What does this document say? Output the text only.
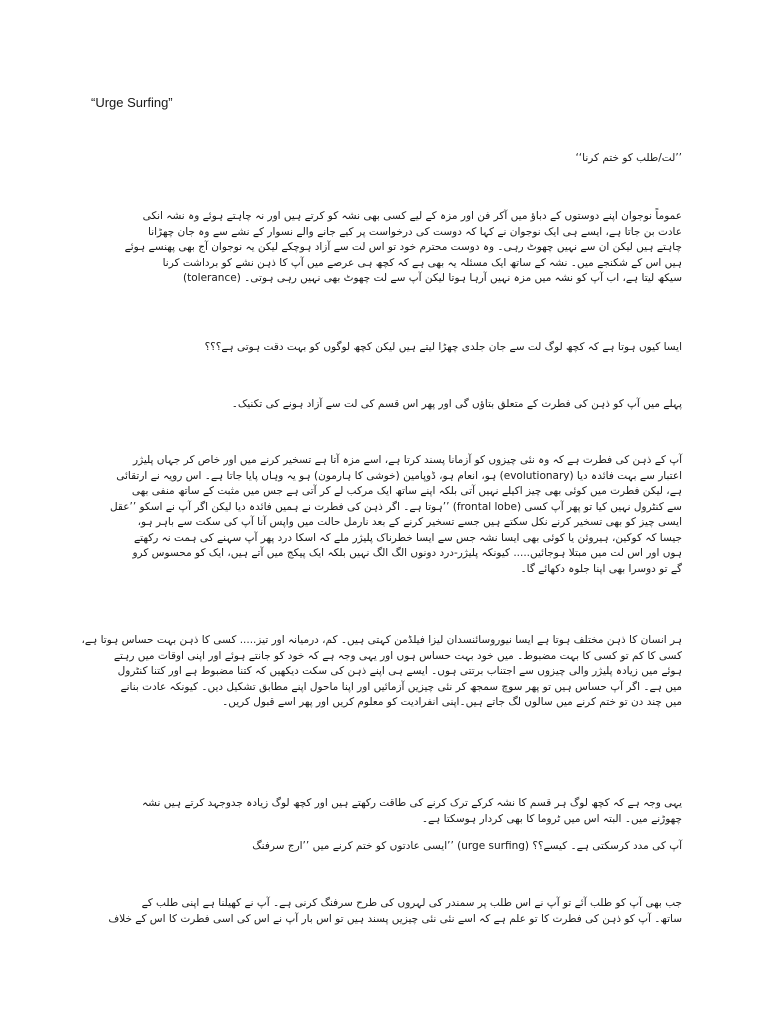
“Urge Surfing”

’’لت/طلب کو ختم کرنا‘‘

عموماً نوجوان اپنے دوستوں کے دباؤ میں آکر فن اور مزہ کے لیے کسی بھی نشہ کو کرتے ہیں اور نہ چاہتے ہوئے وہ نشہ انکی

عادت بن جاتا ہے، ایسے ہی ایک نوجوان نے کہا کہ دوست کی درخواست پر کیے جانے والے نسوار کے نشے سے وہ جان چھڑانا

چاہتے ہیں لیکن ان سے نہیں چھوٹ رہی۔ وہ دوست محترم خود تو اس لت سے آزاد ہوچکے لیکن یہ نوجوان آج بھی پھنسے ہوئے

ہیں اس کے شکنجے میں۔ نشہ کے ساتھ ایک مسئلہ یہ بھی ہے کہ کچھ ہی عرصے میں آپ کا ذہن نشے کو برداشت کرنا

سیکھ لیتا ہے، اب آپ کو نشہ میں مزہ نہیں آرہا ہوتا لیکن آپ سے لت چھوٹ بھی نہیں رہی ہوتی۔ (tolerance)

ایسا کیوں ہوتا ہے کہ کچھ لوگ لت سے جان جلدی چھڑا لیتے ہیں لیکن کچھ لوگوں کو بہت دقت ہوتی ہے؟؟؟

پہلے میں آپ کو ذہن کی فطرت کے متعلق بتاؤں گی اور پھر اس قسم کی لت سے آزاد ہونے کی تکنیک۔

آپ کے ذہن کی فطرت ہے کہ وہ نئی چیزوں کو آزمانا پسند کرتا ہے، اسے مزہ آتا ہے تسخیر کرنے میں اور خاص کر جہاں پلیژر

اعتبار سے بہت فائدہ دیا (evolutionary) ہو، انعام ہو، ڈوپامین (خوشی کا ہارمون) ہو یہ وہاں پایا جاتا ہے۔ اس رویہ نے ارتقائی

ہے، لیکن فطرت میں کوئی بھی چیز اکیلے نہیں آتی بلکہ اپنے ساتھ ایک مرکب لے کر آتی ہے جس میں مثبت کے ساتھ منفی بھی

سے کنٹرول نہیں کیا تو پھر آپ کسی (frontal lobe) ’’ہوتا ہے۔ اگر ذہن کی فطرت نے ہمیں فائدہ دیا لیکن اگر آپ نے اسکو ’’عقل

ایسی چیز کو بھی تسخیر کرنے نکل سکتے ہیں جسے تسخیر کرنے کے بعد نارمل حالت میں واپس آنا آپ کی سکت سے باہر ہو،

جیسا کہ کوکین، ہیروئن یا کوئی بھی ایسا نشہ جس سے ایسا خطرناک پلیژر ملے کہ اسکا درد پھر آپ سہنے کی ہمت نہ رکھتے

ہوں اور اس لت میں مبتلا ہوجائیں..... کیونکہ پلیژر-درد دونوں الگ الگ نہیں بلکہ ایک پیکج میں آتے ہیں، ایک کو محسوس کرو

گے تو دوسرا بھی اپنا جلوہ دکھائے گا۔

ہر انسان کا ذہن مختلف ہوتا ہے ایسا نیوروسائنسدان لیزا فیلڈمن کہتی ہیں۔ کم، درمیانہ اور تیز..... کسی کا ذہن بہت حساس ہوتا ہے،

کسی کا کم تو کسی کا بہت مضبوط۔ میں خود بہت حساس ہوں اور یہی وجہ ہے کہ خود کو جانتے ہوئے اور اپنی اوقات میں رہتے

ہوئے میں زیادہ پلیژر والی چیزوں سے اجتناب برتتی ہوں۔ ایسے ہی اپنے ذہن کی سکت دیکھیں کہ کتنا مضبوط ہے اور کتنا کنٹرول

میں ہے۔ اگر آپ حساس ہیں تو پھر سوچ سمجھ کر نئی چیزیں آزمائیں اور اپنا ماحول اپنے مطابق تشکیل دیں۔ کیونکہ عادت بنانے

میں چند دن تو ختم کرنے میں سالوں لگ جاتے ہیں۔اپنی انفرادیت کو معلوم کریں اور پھر اسے قبول کریں۔

یہی وجہ ہے کہ کچھ لوگ ہر قسم کا نشہ کرکے ترک کرنے کی طاقت رکھتے ہیں اور کچھ لوگ زیادہ جدوجہد کرتے ہیں نشہ

چھوڑنے میں۔ البتہ اس میں ٹروما کا بھی کردار ہوسکتا ہے۔

آپ کی مدد کرسکتی ہے۔ کیسے؟؟ (urge surfing) ’’ایسی عادتوں کو ختم کرنے میں ’’ارج سرفنگ

جب بھی آپ کو طلب آئے تو آپ نے اس طلب پر سمندر کی لہروں کی طرح سرفنگ کرنی ہے۔ آپ نے کھیلنا ہے اپنی طلب کے

ساتھ۔ آپ کو ذہن کی فطرت کا تو علم ہے کہ اسے نئی نئی چیزیں پسند ہیں تو اس بار آپ نے اس کی اسی فطرت کا اس کے خلاف
